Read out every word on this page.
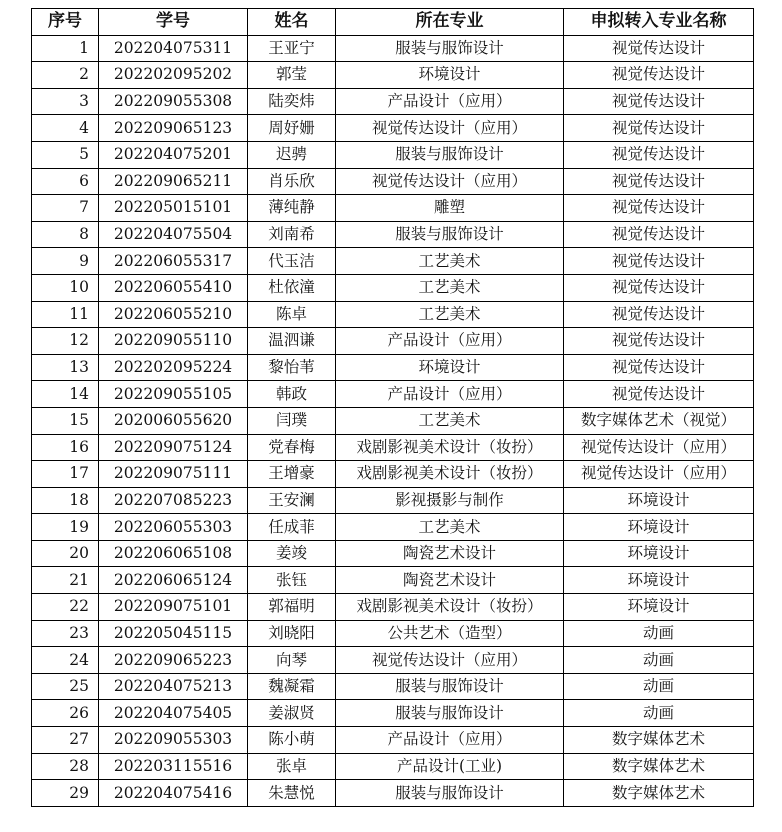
序号	学号	姓名	所在专业	申拟转入专业名称
1	202204075311	王亚宁	服装与服饰设计	视觉传达设计
2	202202095202	郭莹	环境设计	视觉传达设计
3	202209055308	陆奕炜	产品设计（应用）	视觉传达设计
4	202209065123	周妤姗	视觉传达设计（应用）	视觉传达设计
5	202204075201	迟骋	服装与服饰设计	视觉传达设计
6	202209065211	肖乐欣	视觉传达设计（应用）	视觉传达设计
7	202205015101	薄纯静	雕塑	视觉传达设计
8	202204075504	刘南希	服装与服饰设计	视觉传达设计
9	202206055317	代玉洁	工艺美术	视觉传达设计
10	202206055410	杜依潼	工艺美术	视觉传达设计
11	202206055210	陈卓	工艺美术	视觉传达设计
12	202209055110	温泗谦	产品设计（应用）	视觉传达设计
13	202202095224	黎怡苇	环境设计	视觉传达设计
14	202209055105	韩政	产品设计（应用）	视觉传达设计
15	202006055620	闫璞	工艺美术	数字媒体艺术（视觉）
16	202209075124	党春梅	戏剧影视美术设计（妆扮）	视觉传达设计（应用）
17	202209075111	王增豪	戏剧影视美术设计（妆扮）	视觉传达设计（应用）
18	202207085223	王安澜	影视摄影与制作	环境设计
19	202206055303	任成菲	工艺美术	环境设计
20	202206065108	姜竣	陶瓷艺术设计	环境设计
21	202206065124	张钰	陶瓷艺术设计	环境设计
22	202209075101	郭福明	戏剧影视美术设计（妆扮）	环境设计
23	202205045115	刘晓阳	公共艺术（造型）	动画
24	202209065223	向琴	视觉传达设计（应用）	动画
25	202204075213	魏凝霜	服装与服饰设计	动画
26	202204075405	姜淑贤	服装与服饰设计	动画
27	202209055303	陈小萌	产品设计（应用）	数字媒体艺术
28	202203115516	张卓	产品设计(工业)	数字媒体艺术
29	202204075416	朱慧悦	服装与服饰设计	数字媒体艺术
